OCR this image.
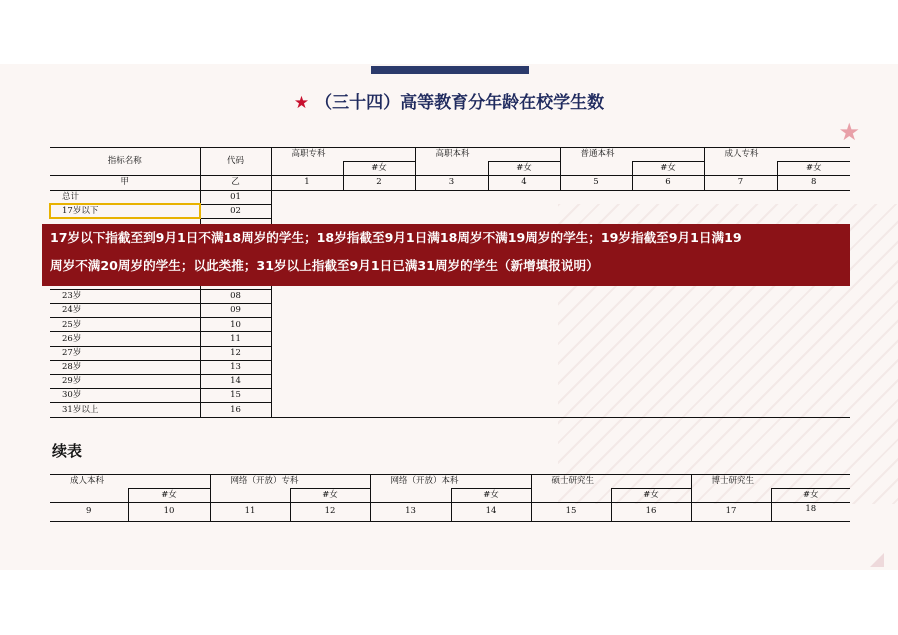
★
★ （三十四）高等教育分年龄在校学生数
指标名称	代码	高职专科		高职本科		普通本科		成人专科	
			#女		#女		#女		#女
甲	乙	1	2	3	4	5	6	7	8
总计	01								
17岁以下	02								

23岁	08								
24岁	09								
25岁	10								
26岁	11								
27岁	12								
28岁	13								
29岁	14								
30岁	15								
31岁以上	16								
17岁以下指截至到9月1日不满18周岁的学生；18岁指截至9月1日满18周岁不满19周岁的学生；19岁指截至9月1日满19
周岁不满20周岁的学生；以此类推；31岁以上指截至9月1日已满31周岁的学生（新增填报说明）
续表
成人本科		网络（开放）专科		网络（开放）本科		硕士研究生		博士研究生	
	#女		#女		#女		#女		#女
9	10	11	12	13	14	15	16	17	18
